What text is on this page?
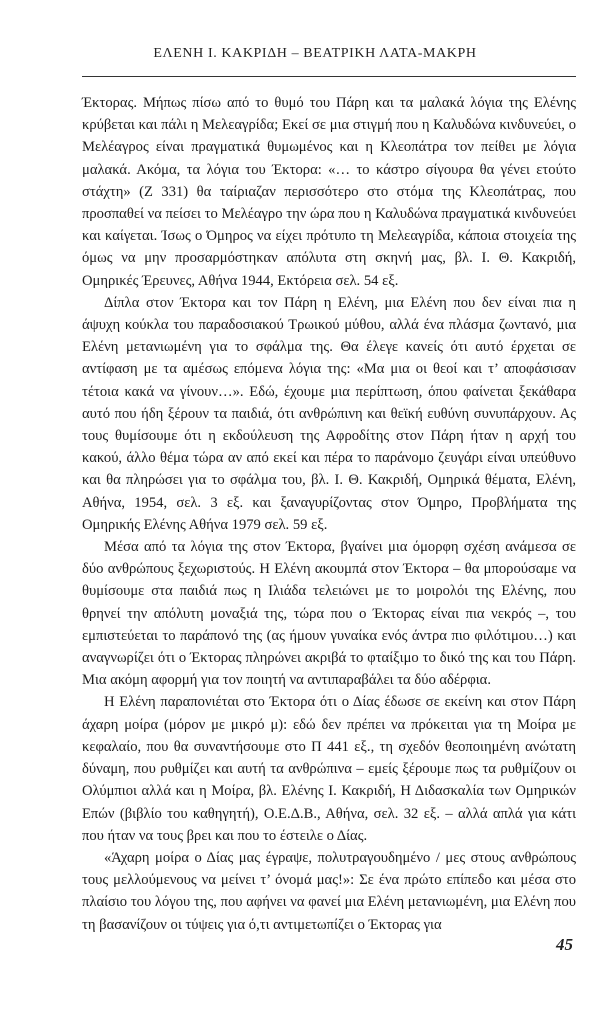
ΕΛΕΝΗ Ι. ΚΑΚΡΙΔΗ – ΒΕΑΤΡΙΚΗ ΛΑΤΑ-ΜΑΚΡΗ

Έκτορας. Μήπως πίσω από το θυμό του Πάρη και τα μαλακά λόγια της Ελένης κρύβεται και πάλι η Μελεαγρίδα; Εκεί σε μια στιγμή που η Καλυδώνα κινδυνεύει, ο Μελέαγρος είναι πραγματικά θυμωμένος και η Κλεοπάτρα τον πείθει με λόγια μαλακά. Ακόμα, τα λόγια του Έκτορα: «… το κάστρο σίγουρα θα γένει ετούτο στάχτη» (Ζ 331) θα ταίριαζαν περισσότερο στο στόμα της Κλεοπάτρας, που προσπαθεί να πείσει το Μελέαγρο την ώρα που η Καλυδώνα πραγματικά κινδυνεύει και καίγεται. Ίσως ο Όμηρος να είχει πρότυπο τη Μελεαγρίδα, κάποια στοιχεία της όμως να μην προσαρμόστηκαν απόλυτα στη σκηνή μας, βλ. Ι. Θ. Κακριδή, Ομηρικές Έρευνες, Αθήνα 1944, Εκτόρεια σελ. 54 εξ.

Δίπλα στον Έκτορα και τον Πάρη η Ελένη, μια Ελένη που δεν είναι πια η άψυχη κούκλα του παραδοσιακού Τρωικού μύθου, αλλά ένα πλάσμα ζωντανό, μια Ελένη μετανιωμένη για το σφάλμα της. Θα έλεγε κανείς ότι αυτό έρχεται σε αντίφαση με τα αμέσως επόμενα λόγια της: «Μα μια οι θεοί και τ’ αποφάσισαν τέτοια κακά να γίνουν…». Εδώ, έχουμε μια περίπτωση, όπου φαίνεται ξεκάθαρα αυτό που ήδη ξέρουν τα παιδιά, ότι ανθρώπινη και θεϊκή ευθύνη συνυπάρχουν. Ας τους θυμίσουμε ότι η εκδούλευση της Αφροδίτης στον Πάρη ήταν η αρχή του κακού, άλλο θέμα τώρα αν από εκεί και πέρα το παράνομο ζευγάρι είναι υπεύθυνο και θα πληρώσει για το σφάλμα του, βλ. Ι. Θ. Κακριδή, Ομηρικά θέματα, Ελένη, Αθήνα, 1954, σελ. 3 εξ. και ξαναγυρίζοντας στον Όμηρο, Προβλήματα της Ομηρικής Ελένης Αθήνα 1979 σελ. 59 εξ.

Μέσα από τα λόγια της στον Έκτορα, βγαίνει μια όμορφη σχέση ανάμεσα σε δύο ανθρώπους ξεχωριστούς. Η Ελένη ακουμπά στον Έκτορα – θα μπορούσαμε να θυμίσουμε στα παιδιά πως η Ιλιάδα τελειώνει με το μοιρολόι της Ελένης, που θρηνεί την απόλυτη μοναξιά της, τώρα που ο Έκτορας είναι πια νεκρός –, του εμπιστεύεται το παράπονό της (ας ήμουν γυναίκα ενός άντρα πιο φιλότιμου…) και αναγνωρίζει ότι ο Έκτορας πληρώνει ακριβά το φταίξιμο το δικό της και του Πάρη. Μια ακόμη αφορμή για τον ποιητή να αντιπαραβάλει τα δύο αδέρφια.

Η Ελένη παραπονιέται στο Έκτορα ότι ο Δίας έδωσε σε εκείνη και στον Πάρη άχαρη μοίρα (μόρον με μικρό μ): εδώ δεν πρέπει να πρόκειται για τη Μοίρα με κεφαλαίο, που θα συναντήσουμε στο Π 441 εξ., τη σχεδόν θεοποιημένη ανώτατη δύναμη, που ρυθμίζει και αυτή τα ανθρώπινα – εμείς ξέρουμε πως τα ρυθμίζουν οι Ολύμπιοι αλλά και η Μοίρα, βλ. Ελένης Ι. Κακριδή, Η Διδασκαλία των Ομηρικών Επών (βιβλίο του καθηγητή), Ο.Ε.Δ.Β., Αθήνα, σελ. 32 εξ. – αλλά απλά για κάτι που ήταν να τους βρει και που το έστειλε ο Δίας.

«Άχαρη μοίρα ο Δίας μας έγραψε, πολυτραγουδημένο / μες στους ανθρώπους τους μελλούμενους να μείνει τ’ όνομά μας!»: Σε ένα πρώτο επίπεδο και μέσα στο πλαίσιο του λόγου της, που αφήνει να φανεί μια Ελένη μετανιωμένη, μια Ελένη που τη βασανίζουν οι τύψεις για ό,τι αντιμετωπίζει ο Έκτορας για

45
